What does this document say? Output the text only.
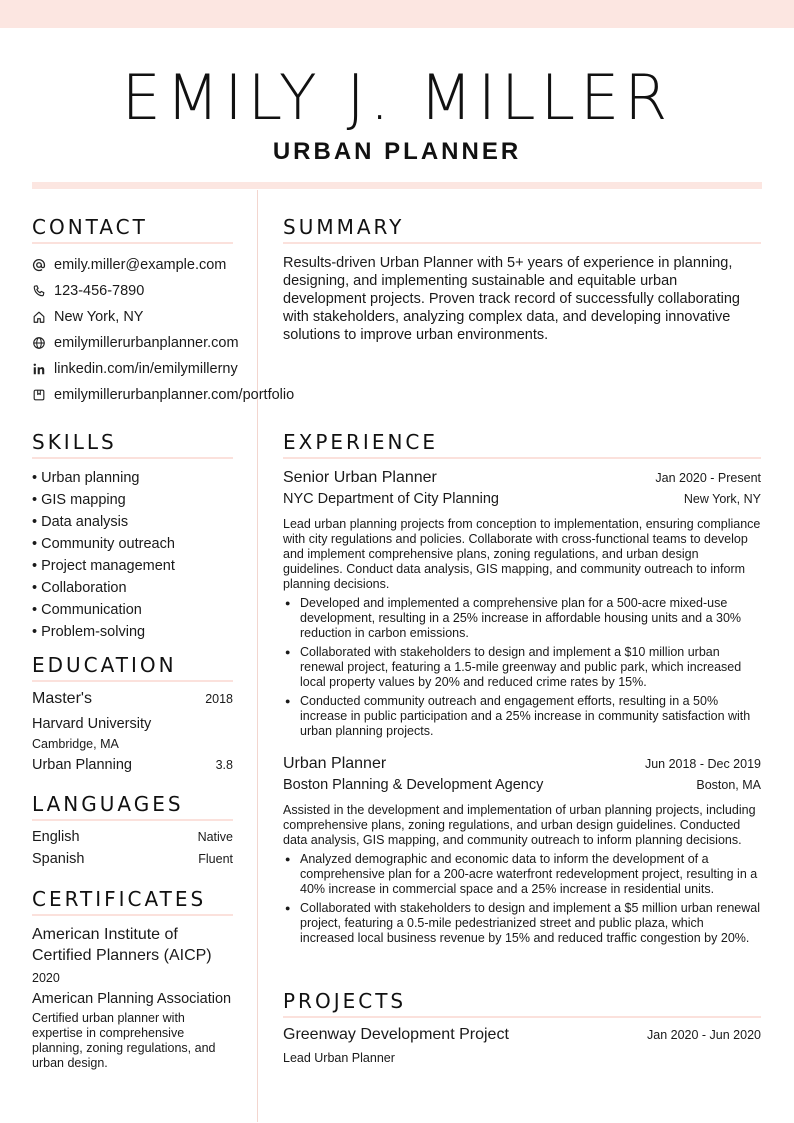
EMILY J. MILLER
URBAN PLANNER
CONTACT
emily.miller@example.com
123-456-7890
New York, NY
emilymillerurbanplanner.com
linkedin.com/in/emilymillerny
emilymillerurbanplanner.com/portfolio
SKILLS
• Urban planning
• GIS mapping
• Data analysis
• Community outreach
• Project management
• Collaboration
• Communication
• Problem-solving
EDUCATION
Master's	2018
Harvard University
Cambridge, MA
Urban Planning	3.8
LANGUAGES
English	Native
Spanish	Fluent
CERTIFICATES
American Institute of Certified Planners (AICP)
2020
American Planning Association
Certified urban planner with expertise in comprehensive planning, zoning regulations, and urban design.
SUMMARY
Results-driven Urban Planner with 5+ years of experience in planning, designing, and implementing sustainable and equitable urban development projects. Proven track record of successfully collaborating with stakeholders, analyzing complex data, and developing innovative solutions to improve urban environments.
EXPERIENCE
Senior Urban Planner	Jan 2020 - Present
NYC Department of City Planning	New York, NY
Lead urban planning projects from conception to implementation, ensuring compliance with city regulations and policies. Collaborate with cross-functional teams to develop and implement comprehensive plans, zoning regulations, and urban design guidelines. Conduct data analysis, GIS mapping, and community outreach to inform planning decisions.
● Developed and implemented a comprehensive plan for a 500-acre mixed-use development, resulting in a 25% increase in affordable housing units and a 30% reduction in carbon emissions.
● Collaborated with stakeholders to design and implement a $10 million urban renewal project, featuring a 1.5-mile greenway and public park, which increased local property values by 20% and reduced crime rates by 15%.
● Conducted community outreach and engagement efforts, resulting in a 50% increase in public participation and a 25% increase in community satisfaction with urban planning projects.
Urban Planner	Jun 2018 - Dec 2019
Boston Planning & Development Agency	Boston, MA
Assisted in the development and implementation of urban planning projects, including comprehensive plans, zoning regulations, and urban design guidelines. Conducted data analysis, GIS mapping, and community outreach to inform planning decisions.
● Analyzed demographic and economic data to inform the development of a comprehensive plan for a 200-acre waterfront redevelopment project, resulting in a 40% increase in commercial space and a 25% increase in residential units.
● Collaborated with stakeholders to design and implement a $5 million urban renewal project, featuring a 0.5-mile pedestrianized street and public plaza, which increased local business revenue by 15% and reduced traffic congestion by 20%.
PROJECTS
Greenway Development Project	Jan 2020 - Jun 2020
Lead Urban Planner
